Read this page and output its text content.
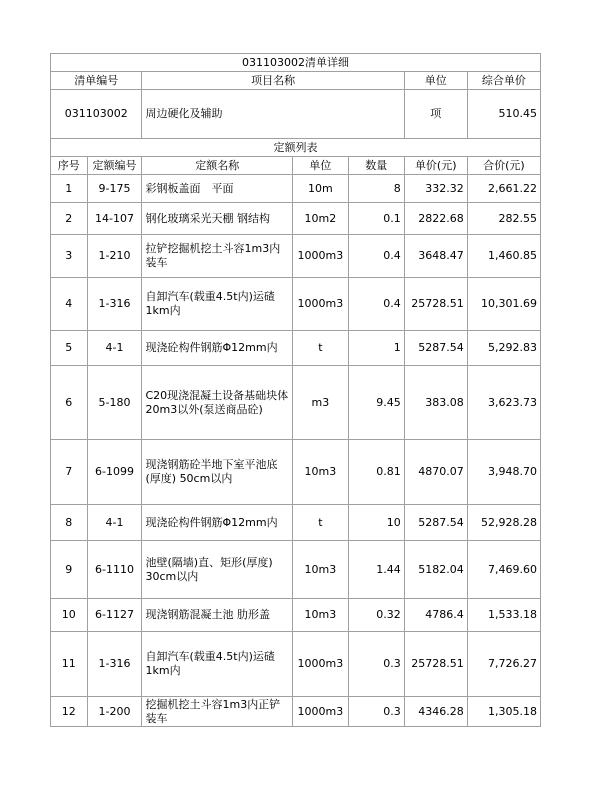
031103002清单详细						
清单编号		项目名称			单位	综合单价
031103002		周边硬化及辅助			项	510.45
定额列表						
序号	定额编号	定额名称	单位	数量	单价(元)	合价(元)
1	9-175	彩钢板盖面　平面	10m	8	332.32	2,661.22
2	14-107	钢化玻璃采光天棚 钢结构	10m2	0.1	2822.68	282.55
3	1-210	拉铲挖掘机挖土斗容1m3内装车	1000m3	0.4	3648.47	1,460.85
4	1-316	自卸汽车(载重4.5t内)运碴1km内	1000m3	0.4	25728.51	10,301.69
5	4-1	现浇砼构件钢筋Φ12mm内	t	1	5287.54	5,292.83
6	5-180	C20现浇混凝土设备基础块体20m3以外(泵送商品砼)	m3	9.45	383.08	3,623.73
7	6-1099	现浇钢筋砼半地下室平池底(厚度) 50cm以内	10m3	0.81	4870.07	3,948.70
8	4-1	现浇砼构件钢筋Φ12mm内	t	10	5287.54	52,928.28
9	6-1110	池壁(隔墙)直、矩形(厚度) 30cm以内	10m3	1.44	5182.04	7,469.60
10	6-1127	现浇钢筋混凝土池 肋形盖	10m3	0.32	4786.4	1,533.18
11	1-316	自卸汽车(载重4.5t内)运碴1km内	1000m3	0.3	25728.51	7,726.27
12	1-200	挖掘机挖土斗容1m3内正铲装车	1000m3	0.3	4346.28	1,305.18
